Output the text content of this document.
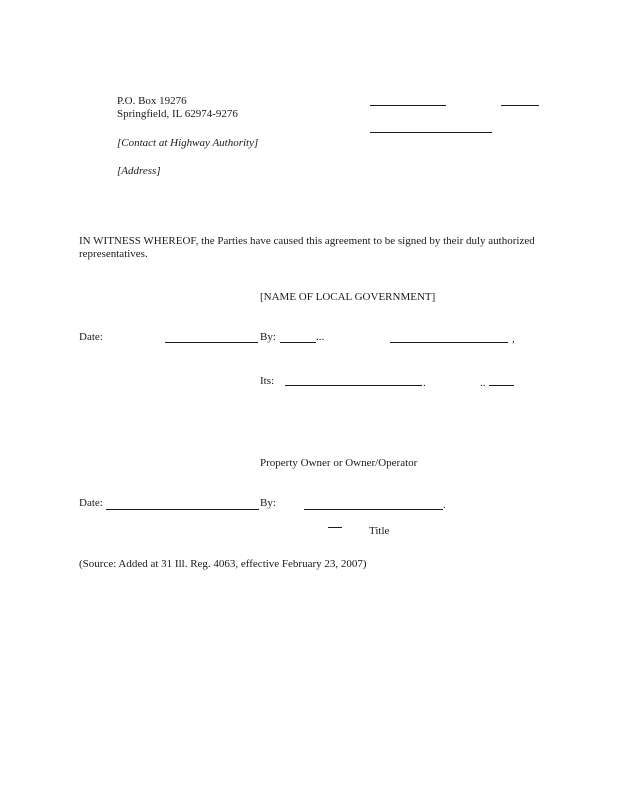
P.O. Box 19276
Springfield, IL 62974-9276
[Contact at Highway Authority]
[Address]
IN WITNESS WHEREOF, the Parties have caused this agreement to be signed by their duly authorized representatives.
[NAME OF LOCAL GOVERNMENT]
Date:	By:	...	,
Its:	.	..
Property Owner or Owner/Operator
Date:	By:	.
Title
(Source: Added at 31 Ill. Reg. 4063, effective February 23, 2007)
